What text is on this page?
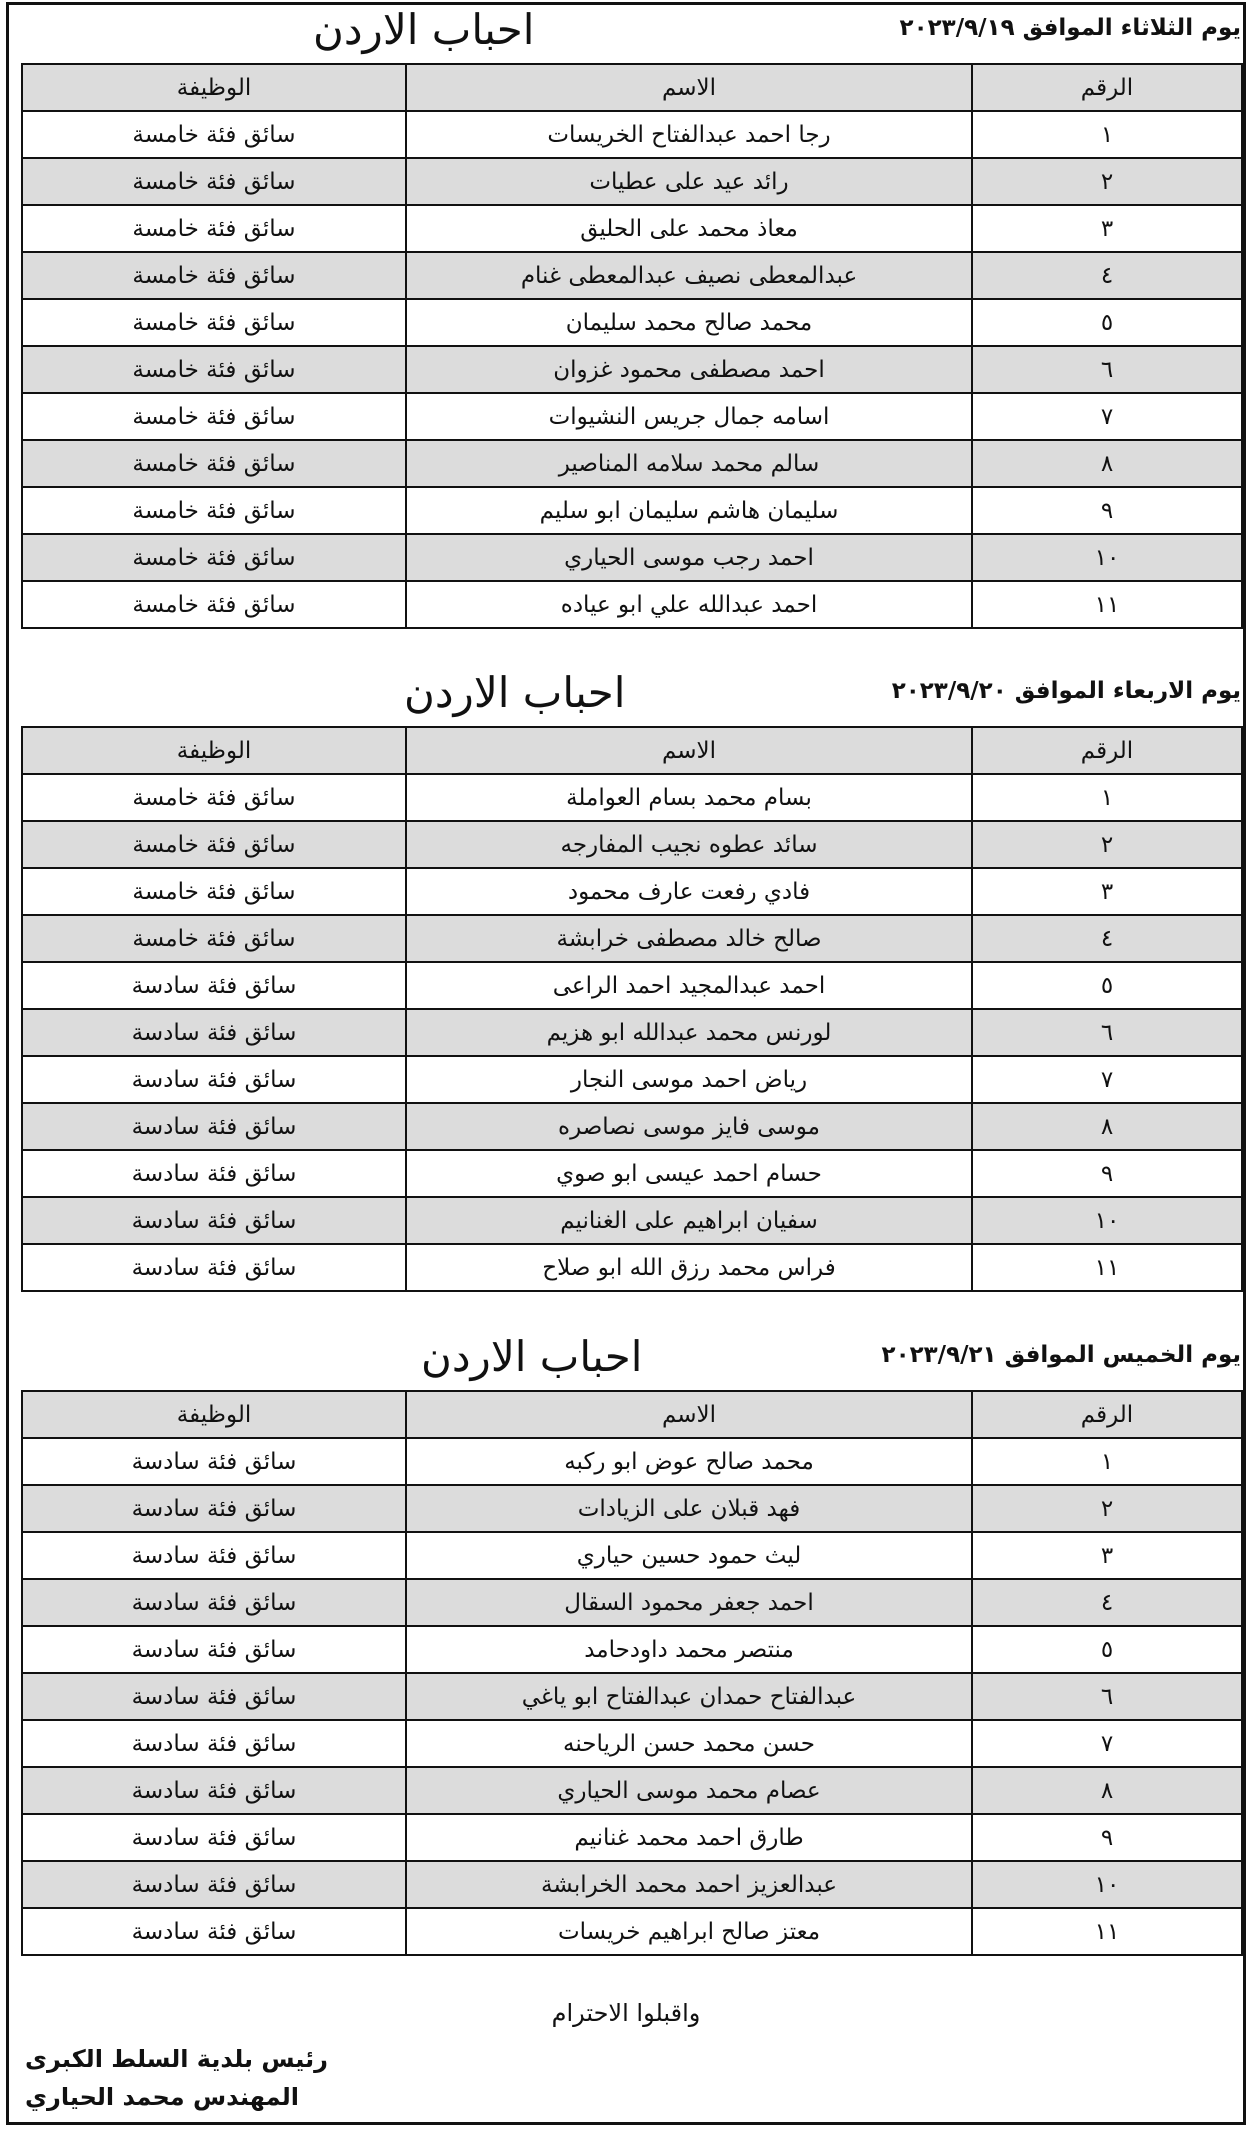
يوم الثلاثاء الموافق ٢٠٢٣/٩/١٩
احباب الاردن
الرقم	الاسم	الوظيفة
١	رجا احمد عبدالفتاح الخريسات	سائق فئة خامسة
٢	رائد عيد على عطيات	سائق فئة خامسة
٣	معاذ محمد على الحليق	سائق فئة خامسة
٤	عبدالمعطى نصيف عبدالمعطى غنام	سائق فئة خامسة
٥	محمد صالح محمد سليمان	سائق فئة خامسة
٦	احمد مصطفى محمود غزوان	سائق فئة خامسة
٧	اسامه جمال جريس النشيوات	سائق فئة خامسة
٨	سالم محمد سلامه المناصير	سائق فئة خامسة
٩	سليمان هاشم سليمان ابو سليم	سائق فئة خامسة
١٠	احمد رجب موسى الحياري	سائق فئة خامسة
١١	احمد عبدالله علي ابو عياده	سائق فئة خامسة
يوم الاربعاء الموافق ٢٠٢٣/٩/٢٠
احباب الاردن
الرقم	الاسم	الوظيفة
١	بسام محمد بسام العواملة	سائق فئة خامسة
٢	سائد عطوه نجيب المفارجه	سائق فئة خامسة
٣	فادي رفعت عارف محمود	سائق فئة خامسة
٤	صالح خالد مصطفى خرابشة	سائق فئة خامسة
٥	احمد عبدالمجيد احمد الراعى	سائق فئة سادسة
٦	لورنس محمد عبدالله ابو هزيم	سائق فئة سادسة
٧	رياض احمد موسى النجار	سائق فئة سادسة
٨	موسى فايز موسى نصاصره	سائق فئة سادسة
٩	حسام احمد عيسى ابو صوي	سائق فئة سادسة
١٠	سفيان ابراهيم على الغنانيم	سائق فئة سادسة
١١	فراس محمد رزق الله ابو صلاح	سائق فئة سادسة
يوم الخميس الموافق ٢٠٢٣/٩/٢١
احباب الاردن
الرقم	الاسم	الوظيفة
١	محمد صالح عوض ابو ركبه	سائق فئة سادسة
٢	فهد قبلان على الزيادات	سائق فئة سادسة
٣	ليث حمود حسين حياري	سائق فئة سادسة
٤	احمد جعفر محمود السقال	سائق فئة سادسة
٥	منتصر محمد داودحامد	سائق فئة سادسة
٦	عبدالفتاح حمدان عبدالفتاح ابو ياغي	سائق فئة سادسة
٧	حسن محمد حسن الرياحنه	سائق فئة سادسة
٨	عصام محمد موسى الحياري	سائق فئة سادسة
٩	طارق احمد محمد غنانيم	سائق فئة سادسة
١٠	عبدالعزيز احمد محمد الخرابشة	سائق فئة سادسة
١١	معتز صالح ابراهيم خريسات	سائق فئة سادسة
واقبلوا الاحترام
رئيس بلدية السلط الكبرى
المهندس محمد الحياري
